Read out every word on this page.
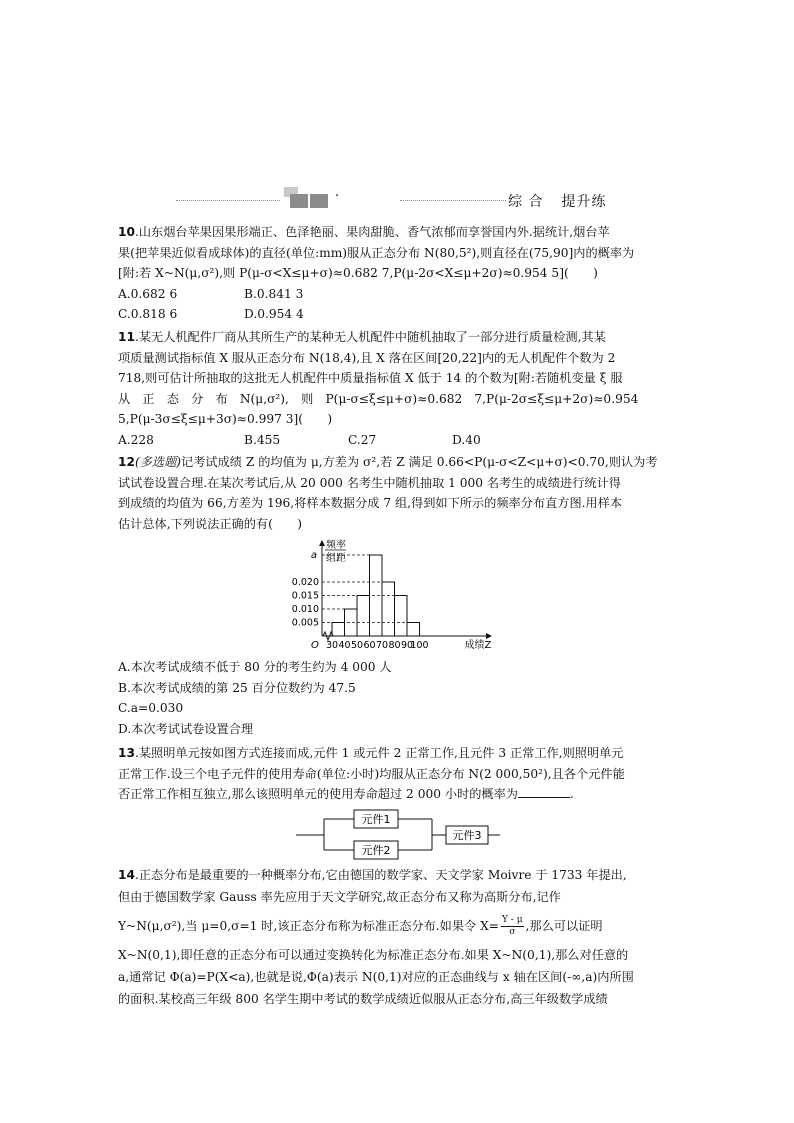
·	综 合 提升练
10.山东烟台苹果因果形端正、色泽艳丽、果肉甜脆、香气浓郁而享誉国内外.据统计,烟台苹
果(把苹果近似看成球体)的直径(单位:mm)服从正态分布 N(80,5²),则直径在(75,90]内的概率为
[附:若 X~N(μ,σ²),则 P(μ-σ<X≤μ+σ)≈0.682 7,P(μ-2σ<X≤μ+2σ)≈0.954 5](　　)
A.0.682 6	B.0.841 3
C.0.818 6	D.0.954 4
11.某无人机配件厂商从其所生产的某种无人机配件中随机抽取了一部分进行质量检测,其某
项质量测试指标值 X 服从正态分布 N(18,4),且 X 落在区间[20,22]内的无人机配件个数为 2
718,则可估计所抽取的这批无人机配件中质量指标值 X 低于 14 的个数为[附:若随机变量 ξ 服
从　正　态　分　布　N(μ,σ²),　则　P(μ-σ≤ξ≤μ+σ)≈0.682　7,P(μ-2σ≤ξ≤μ+2σ)≈0.954
5,P(μ-3σ≤ξ≤μ+3σ)≈0.997 3](　　)
A.228	B.455	C.27	D.40
12(多选题)记考试成绩 Z 的均值为 μ,方差为 σ²,若 Z 满足 0.66<P(μ-σ<Z<μ+σ)<0.70,则认为考
试试卷设置合理.在某次考试后,从 20 000 名考生中随机抽取 1 000 名考生的成绩进行统计得
到成绩的均值为 66,方差为 196,将样本数据分成 7 组,得到如下所示的频率分布直方图.用样本
估计总体,下列说法正确的有(　　)
频率
组距
O	成绩Z
30 40 50 60 70 80 90
100
0.005
0.010
0.015
0.020
a
A.本次考试成绩不低于 80 分的考生约为 4 000 人
B.本次考试成绩的第 25 百分位数约为 47.5
C.a=0.030
D.本次考试试卷设置合理
13.某照明单元按如图方式连接而成,元件 1 或元件 2 正常工作,且元件 3 正常工作,则照明单元
正常工作.设三个电子元件的使用寿命(单位:小时)均服从正态分布 N(2 000,50²),且各个元件能
否正常工作相互独立,那么该照明单元的使用寿命超过 2 000 小时的概率为	.
元件1
元件2
元件3
14.正态分布是最重要的一种概率分布,它由德国的数学家、天文学家 Moivre 于 1733 年提出,
但由于德国数学家 Gauss 率先应用于天文学研究,故正态分布又称为高斯分布,记作
Y~N(μ,σ²),当 μ=0,σ=1 时,该正态分布称为标准正态分布.如果令 $X= \frac{Y - \mu}{\sigma}$ ,那么可以证明
X~N(0,1),即任意的正态分布可以通过变换转化为标准正态分布.如果 X~N(0,1),那么对任意的
a,通常记 Φ(a)=P(X<a),也就是说,Φ(a)表示 N(0,1)对应的正态曲线与 x 轴在区间(-∞,a)内所围
的面积.某校高三年级 800 名学生期中考试的数学成绩近似服从正态分布,高三年级数学成绩
